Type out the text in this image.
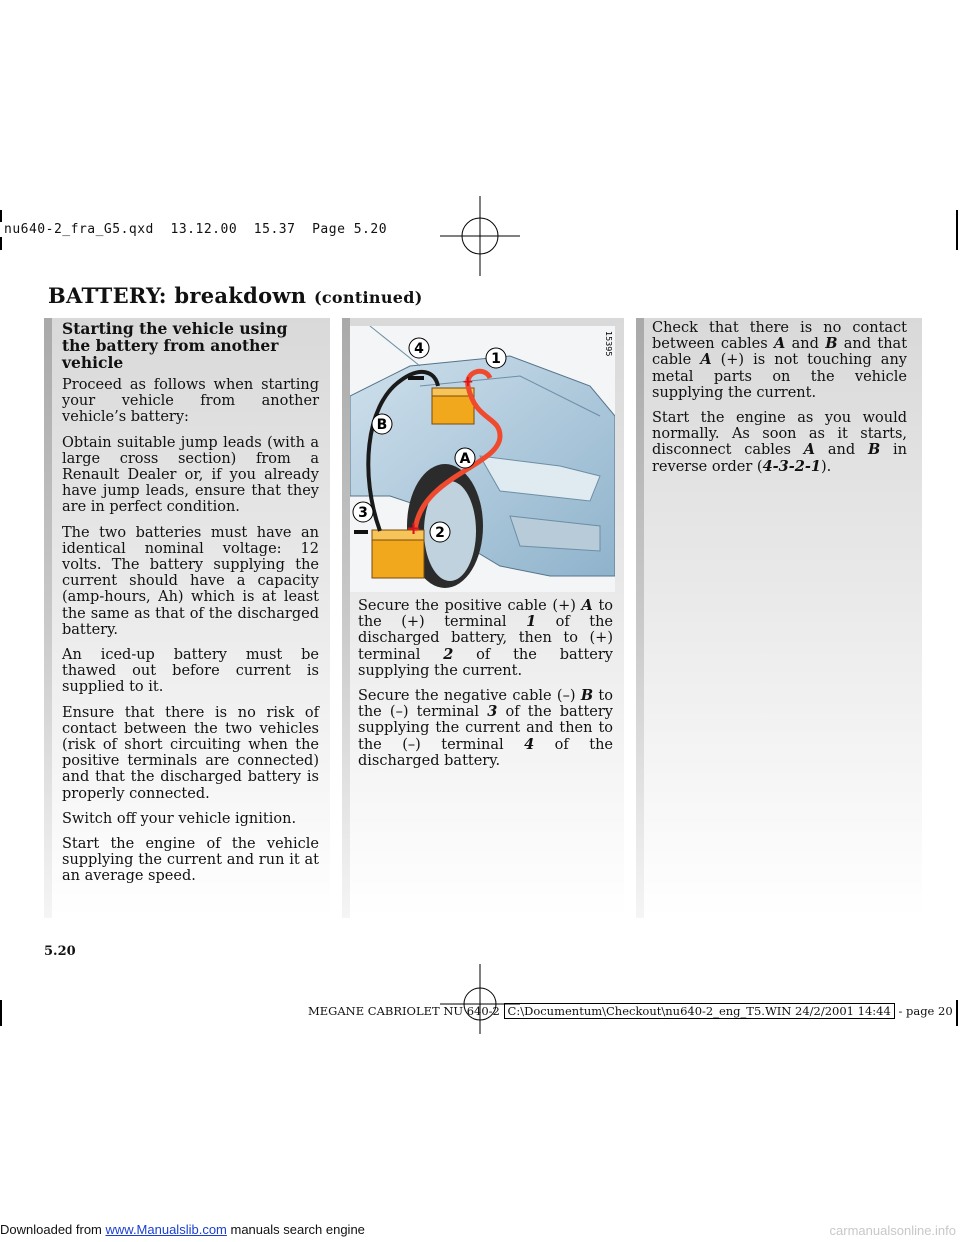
nu640-2_fra_G5.qxd  13.12.00  15.37  Page 5.20
BATTERY: breakdown (continued)
Starting the vehicle using the battery from another vehicle

Proceed as follows when starting your vehicle from another vehicle’s battery:

Obtain suitable jump leads (with a large cross section) from a Renault Dealer or, if you already have jump leads, ensure that they are in perfect condition.

The two batteries must have an identical nominal voltage: 12 volts. The battery supplying the current should have a capacity (amp-hours, Ah) which is at least the same as that of the discharged battery.

An iced-up battery must be thawed out before current is supplied to it.

Ensure that there is no risk of contact between the two vehicles (risk of short circuiting when the positive terminals are connected) and that the discharged battery is properly connected.

Switch off your vehicle ignition.

Start the engine of the vehicle supplying the current and run it at an average speed.

+
+
4
1
B
A
3
2
15395

Secure the positive cable (+) A to the (+) terminal 1 of the discharged battery, then to (+) terminal 2 of the battery supplying the current.

Secure the negative cable (–) B to the (–) terminal 3 of the battery supplying the current and then to the (–) terminal 4 of the discharged battery.

Check that there is no contact between cables A and B and that cable A (+) is not touching any metal parts on the vehicle supplying the current.

Start the engine as you would normally. As soon as it starts, disconnect cables A and B in reverse order (4-3-2-1).

5.20
MEGANE CABRIOLET NU 640-2 C:\Documentum\Checkout\nu640-2_eng_T5.WIN 24/2/2001 14:44 - page 20
Downloaded from www.Manualslib.com manuals search engine	carmanualsonline.info
